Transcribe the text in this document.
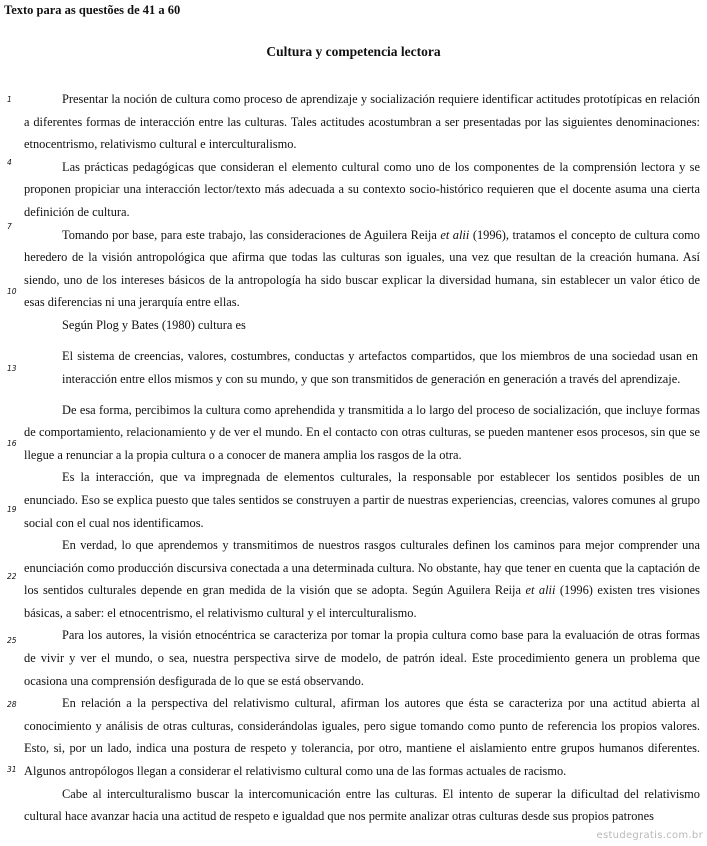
Texto para as questões de 41 a 60
Cultura y competencia lectora
1
4
7
10
13
16
19
22
25
28
31

Presentar la noción de cultura como proceso de aprendizaje y socialización requiere identificar actitudes prototípicas en relación a diferentes formas de interacción entre las culturas. Tales actitudes acostumbran a ser presentadas por las siguientes denominaciones: etnocentrismo, relativismo cultural e interculturalismo.

Las prácticas pedagógicas que consideran el elemento cultural como uno de los componentes de la comprensión lectora y se proponen propiciar una interacción lector/texto más adecuada a su contexto socio-histórico requieren que el docente asuma una cierta definición de cultura.

Tomando por base, para este trabajo, las consideraciones de Aguilera Reija et alii (1996), tratamos el concepto de cultura como heredero de la visión antropológica que afirma que todas las culturas son iguales, una vez que resultan de la creación humana. Así siendo, uno de los intereses básicos de la antropología ha sido buscar explicar la diversidad humana, sin establecer un valor ético de esas diferencias ni una jerarquía entre ellas.

Según Plog y Bates (1980) cultura es

El sistema de creencias, valores, costumbres, conductas y artefactos compartidos, que los miembros de una sociedad usan en interacción entre ellos mismos y con su mundo, y que son transmitidos de generación en generación a través del aprendizaje.

De esa forma, percibimos la cultura como aprehendida y transmitida a lo largo del proceso de socialización, que incluye formas de comportamiento, relacionamiento y de ver el mundo. En el contacto con otras culturas, se pueden mantener esos procesos, sin que se llegue a renunciar a la propia cultura o a conocer de manera amplia los rasgos de la otra.

Es la interacción, que va impregnada de elementos culturales, la responsable por establecer los sentidos posibles de un enunciado. Eso se explica puesto que tales sentidos se construyen a partir de nuestras experiencias, creencias, valores comunes al grupo social con el cual nos identificamos.

En verdad, lo que aprendemos y transmitimos de nuestros rasgos culturales definen los caminos para mejor comprender una enunciación como producción discursiva conectada a una determinada cultura. No obstante, hay que tener en cuenta que la captación de los sentidos culturales depende en gran medida de la visión que se adopta. Según Aguilera Reija et alii (1996) existen tres visiones básicas, a saber: el etnocentrismo, el relativismo cultural y el interculturalismo.

Para los autores, la visión etnocéntrica se caracteriza por tomar la propia cultura como base para la evaluación de otras formas de vivir y ver el mundo, o sea, nuestra perspectiva sirve de modelo, de patrón ideal. Este procedimiento genera un problema que ocasiona una comprensión desfigurada de lo que se está observando.

En relación a la perspectiva del relativismo cultural, afirman los autores que ésta se caracteriza por una actitud abierta al conocimiento y análisis de otras culturas, considerándolas iguales, pero sigue tomando como punto de referencia los propios valores. Esto, si, por un lado, indica una postura de respeto y tolerancia, por otro, mantiene el aislamiento entre grupos humanos diferentes. Algunos antropólogos llegan a considerar el relativismo cultural como una de las formas actuales de racismo.

Cabe al interculturalismo buscar la intercomunicación entre las culturas. El intento de superar la dificultad del relativismo cultural hace avanzar hacia una actitud de respeto e igualdad que nos permite analizar otras culturas desde sus propios patrones

estudegratis.com.br
